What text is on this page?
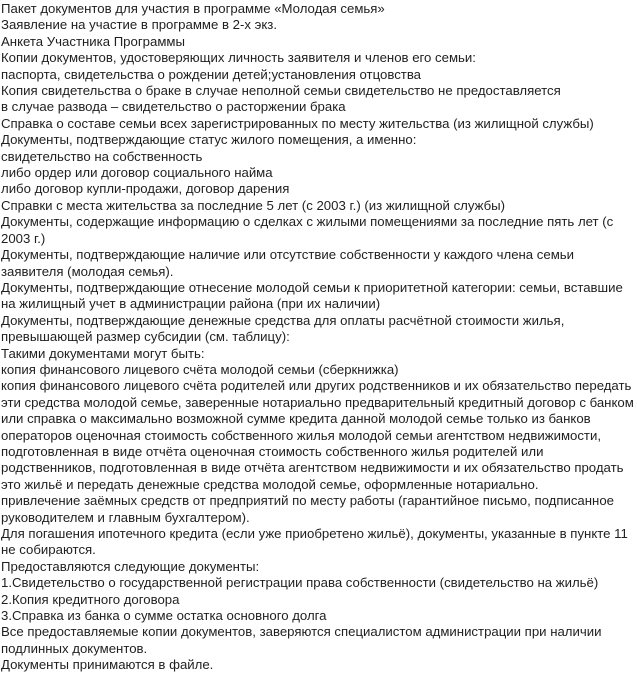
Пакет документов для участия в программе «Молодая семья»

Заявление на участие в программе в 2-х экз.

Анкета Участника Программы

Копии документов, удостоверяющих личность заявителя и членов его семьи:

паспорта, свидетельства о рождении детей;установления отцовства

Копия свидетельства о браке в случае неполной семьи свидетельство не предоставляется

в случае развода – свидетельство о расторжении брака

Справка о составе семьи всех зарегистрированных по месту жительства (из жилищной службы)

Документы, подтверждающие статус жилого помещения, а именно:

свидетельство на собственность

либо ордер или договор социального найма

либо договор купли-продажи, договор дарения

Справки с места жительства за последние 5 лет (с 2003 г.) (из жилищной службы)

Документы, содержащие информацию о сделках с жилыми помещениями за последние пять лет (с 2003 г.)

Документы, подтверждающие наличие или отсутствие собственности у каждого члена семьи заявителя (молодая семья).

Документы, подтверждающие отнесение молодой семьи к приоритетной категории: семьи, вставшие на жилищный учет в администрации района (при их наличии)

Документы, подтверждающие денежные средства для оплаты расчётной стоимости жилья, превышающей размер субсидии (см. таблицу):

Такими документами могут быть:

копия финансового лицевого счёта молодой семьи (сберкнижка)

копия финансового лицевого счёта родителей или других родственников и их обязательство передать эти средства молодой семье, заверенные нотариально предварительный кредитный договор с банком или справка о максимально возможной сумме кредита данной молодой семье только из банков операторов оценочная стоимость собственного жилья молодой семьи агентством недвижимости, подготовленная в виде отчёта оценочная стоимость собственного жилья родителей или родственников, подготовленная в виде отчёта агентством недвижимости и их обязательство продать это жильё и передать денежные средства молодой семье, оформленные нотариально.

привлечение заёмных средств от предприятий по месту работы (гарантийное письмо, подписанное руководителем и главным бухгалтером).

Для погашения ипотечного кредита (если уже приобретено жильё), документы, указанные в пункте 11 не собираются.

Предоставляются следующие документы:

1.Свидетельство о государственной регистрации права собственности (свидетельство на жильё)

2.Копия кредитного договора

3.Справка из банка о сумме остатка основного долга

Все предоставляемые копии документов, заверяются специалистом администрации при наличии подлинных документов.

Документы принимаются в файле.
